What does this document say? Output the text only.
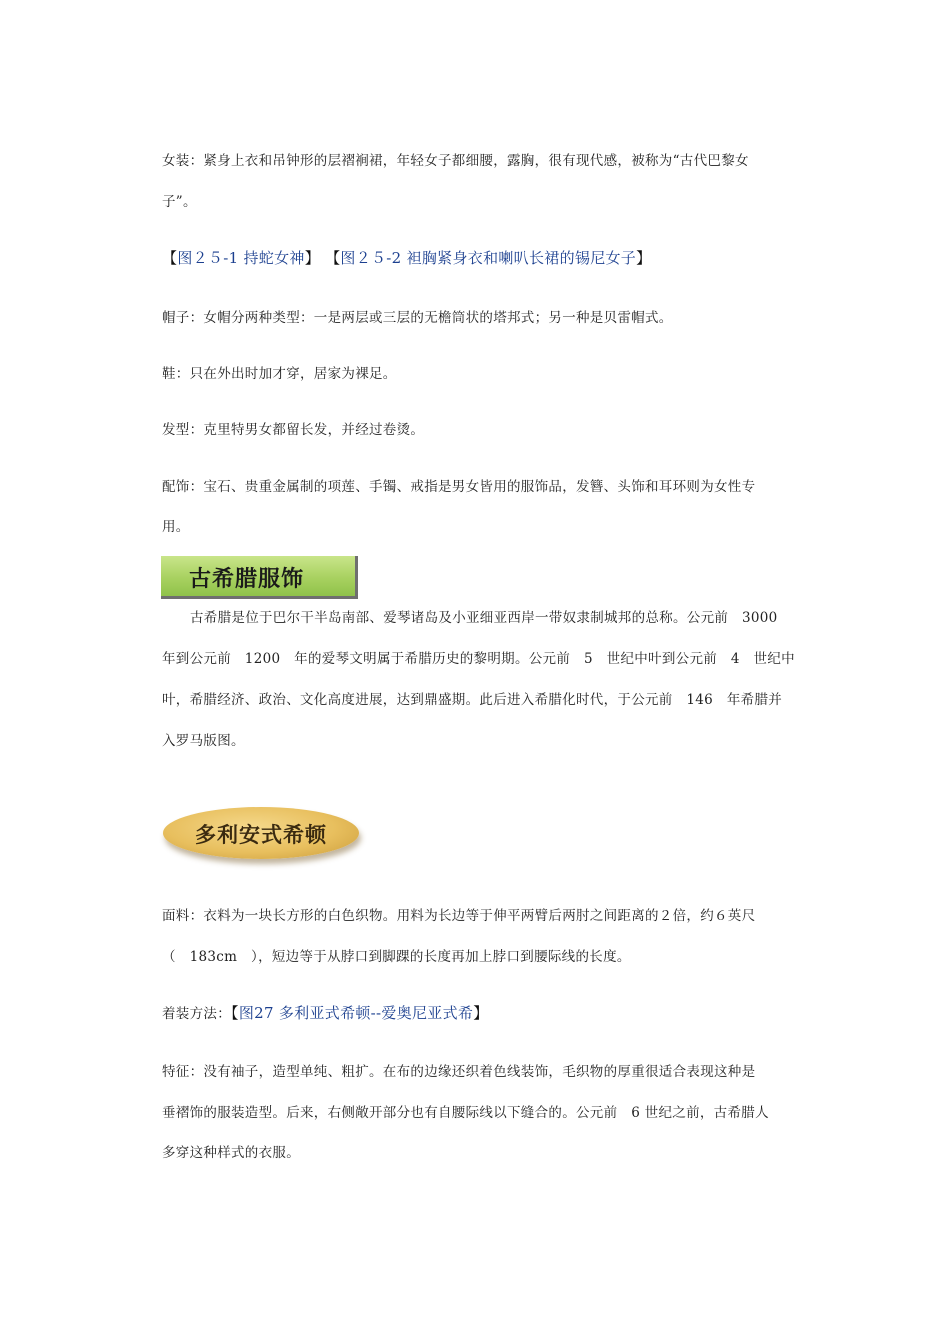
女装：紧身上衣和吊钟形的层褶裥裙，年轻女子都细腰，露胸，很有现代感，被称为“古代巴黎女
子”。
【图２５-1 持蛇女神】 【图２５-2 袒胸紧身衣和喇叭长裙的锡尼女子】
帽子：女帽分两种类型：一是两层或三层的无檐筒状的塔邦式；另一种是贝雷帽式。
鞋：只在外出时加才穿，居家为裸足。
发型：克里特男女都留长发，并经过卷烫。
配饰：宝石、贵重金属制的项莲、手镯、戒指是男女皆用的服饰品，发簪、头饰和耳环则为女性专
用。
古希腊服饰
古希腊是位于巴尔干半岛南部、爱琴诸岛及小亚细亚西岸一带奴隶制城邦的总称。公元前　3000
年到公元前　1200　年的爱琴文明属于希腊历史的黎明期。公元前　5　世纪中叶到公元前　4　世纪中
叶，希腊经济、政治、文化高度进展，达到鼎盛期。此后进入希腊化时代，于公元前　146　年希腊并
入罗马版图。
多利安式希顿
面料：衣料为一块长方形的白色织物。用料为长边等于伸平两臂后两肘之间距离的２倍，约６英尺
（　183cm　），短边等于从脖口到脚踝的长度再加上脖口到腰际线的长度。
着装方法：【图27 多利亚式希顿--爱奥尼亚式希】
特征：没有袖子，造型单纯、粗扩。在布的边缘还织着色线装饰，毛织物的厚重很适合表现这种是
垂褶饰的服装造型。后来，右侧敞开部分也有自腰际线以下缝合的。公元前　6 世纪之前，古希腊人
多穿这种样式的衣服。
